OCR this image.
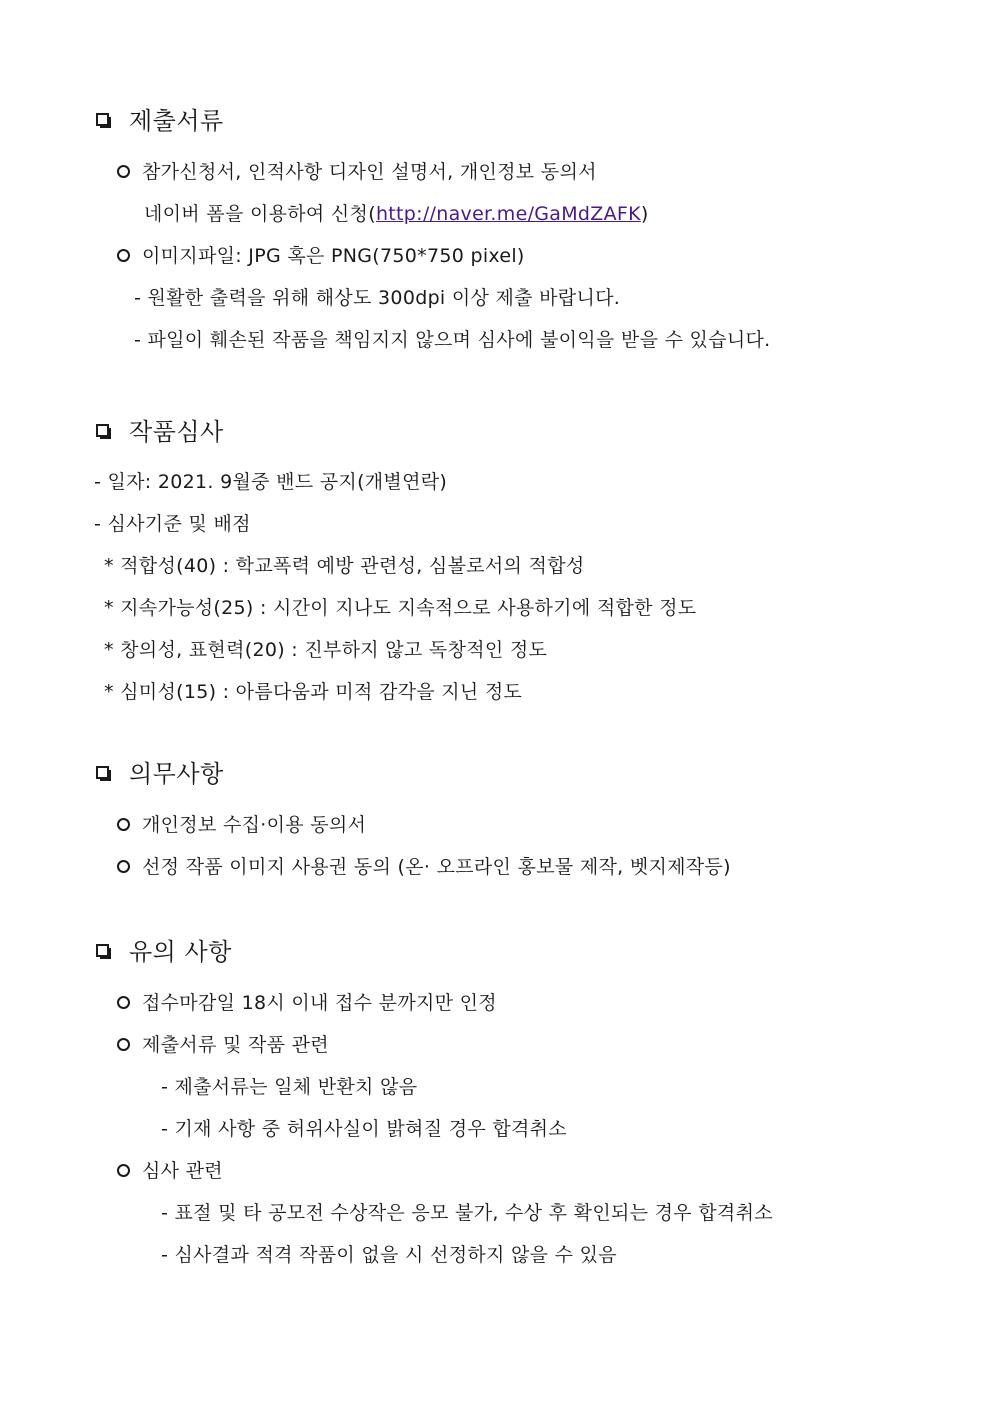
제출서류
참가신청서, 인적사항 디자인 설명서, 개인정보 동의서
네이버 폼을 이용하여 신청(http://naver.me/GaMdZAFK)
이미지파일: JPG 혹은 PNG(750*750 pixel)
- 원활한 출력을 위해 해상도 300dpi 이상 제출 바랍니다.
- 파일이 훼손된 작품을 책임지지 않으며 심사에 불이익을 받을 수 있습니다.
작품심사
- 일자: 2021. 9월중 밴드 공지(개별연락)
- 심사기준 및 배점
* 적합성(40) : 학교폭력 예방 관련성, 심볼로서의 적합성
* 지속가능성(25) : 시간이 지나도 지속적으로 사용하기에 적합한 정도
* 창의성, 표현력(20) : 진부하지 않고 독창적인 정도
* 심미성(15) : 아름다움과 미적 감각을 지닌 정도
의무사항
개인정보 수집·이용 동의서
선정 작품 이미지 사용권 동의 (온· 오프라인 홍보물 제작, 벳지제작등)
유의 사항
접수마감일 18시 이내 접수 분까지만 인정
제출서류 및 작품 관련
- 제출서류는 일체 반환치 않음
- 기재 사항 중 허위사실이 밝혀질 경우 합격취소
심사 관련
- 표절 및 타 공모전 수상작은 응모 불가, 수상 후 확인되는 경우 합격취소
- 심사결과 적격 작품이 없을 시 선정하지 않을 수 있음
